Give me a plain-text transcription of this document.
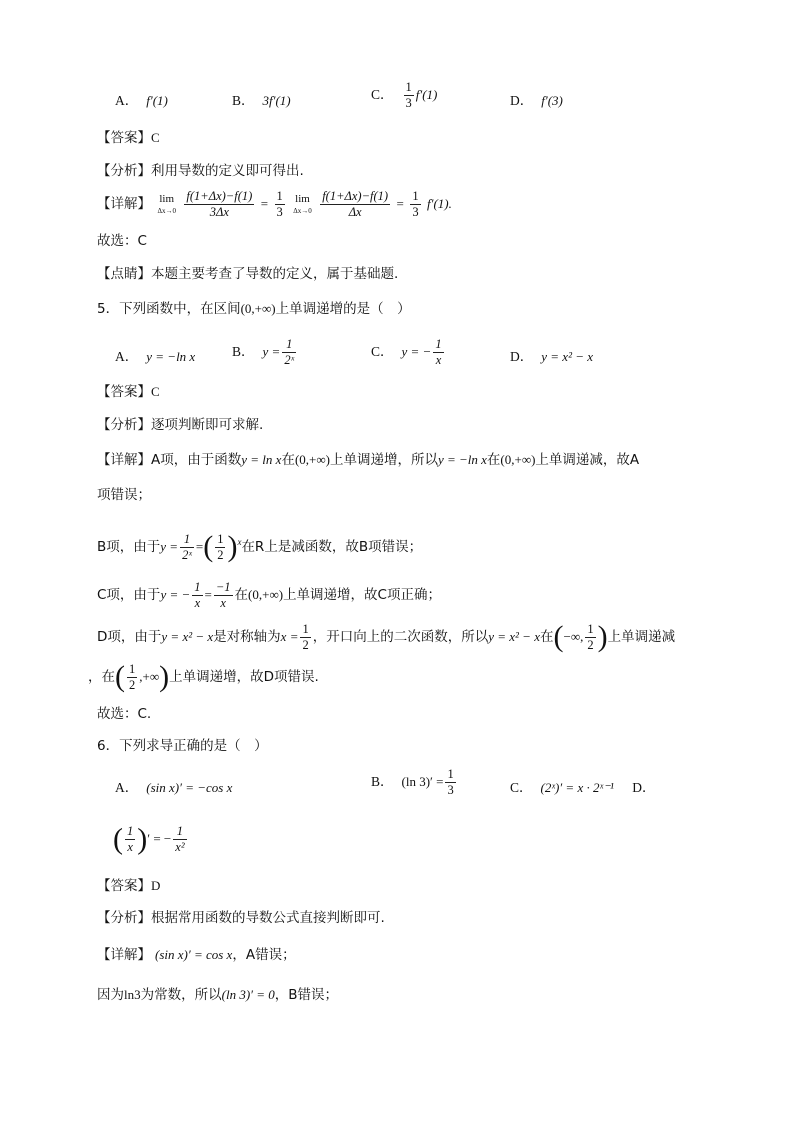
A． f′(1)	B． 3f′(1)	C． $\frac{1}{3} f'(1)$	D． f′(3)
【答案】C
【分析】利用导数的定义即可得出.
【详解】 lim
Δx→0
$\frac{f(1+\Delta x)-f(1)}{3\Delta x} = \frac{1}{3}$
lim
Δx→0
$\frac{f(1+\Delta x)-f(1)}{\Delta x} = \frac{1}{3} f'(1)$.
故选：C
【点睛】本题主要考查了导数的定义，属于基础题.
5．下列函数中，在区间(0,+∞)上单调递增的是（　）
A． y = −ln x	B． $y = \frac{1}{\text{2ˣ}}$	C． y = − $\frac{1}{x}$	D． y = x² − x
【答案】C
【分析】逐项判断即可求解.
【详解】A项，由于函数y = ln x在(0,+∞)上单调递增，所以y = −ln x在(0,+∞)上单调递减，故A
项错误；
B项，由于$y = \frac{1}{\text{2ˣ}}$ =( $\frac{1}{2} )^x$在R上是减函数，故B项错误；
C项，由于y = − $\frac{1}{x} = \frac{-1}{x}$ 在(0,+∞)上单调递增，故C项正确；
D项，由于y = x² − x是对称轴为$x = \frac{1}{2}$ ，开口向上的二次函数，所以y = x² − x在(−∞, $\frac{1}{2}$ )上单调递减
，在( $\frac{1}{2}$ ,+∞)上单调递增，故D项错误.
故选：C.
6．下列求导正确的是（　）
A． (sin x)′ = −cos x	B． (ln $3)' = \frac{1}{3}$	C． (2ˣ)′ = x · 2ˣ⁻¹ D．
( $\frac{1}{x}$ )′ = − $\frac{1}{\text{x²}}$
【答案】D
【分析】根据常用函数的导数公式直接判断即可.
【详解】 (sin x)′ = cos x，A错误；
因为ln3为常数，所以(ln 3)′ = 0，B错误；
